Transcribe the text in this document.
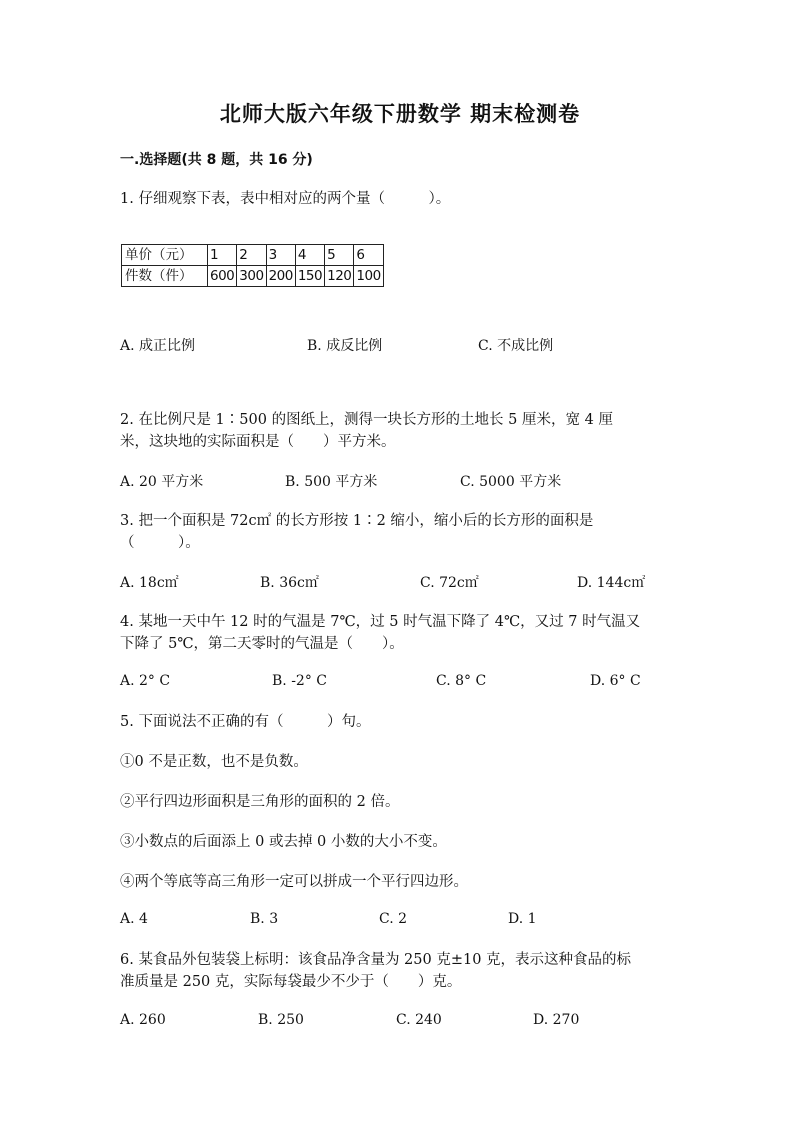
北师大版六年级下册数学 期末检测卷
一.选择题(共 8 题，共 16 分)
1. 仔细观察下表，表中相对应的两个量（　　　）。
单价（元）	1	2	3	4	5	6
件数（件）	600	300	200	150	120	100
A. 成正比例	B. 成反比例	C. 不成比例
2. 在比例尺是 1∶500 的图纸上，测得一块长方形的土地长 5 厘米，宽 4 厘
米，这块地的实际面积是（　　）平方米。
A. 20 平方米	B. 500 平方米	C. 5000 平方米
3. 把一个面积是 72c㎡ 的长方形按 1∶2 缩小，缩小后的长方形的面积是
（　　　）。
A. 18c㎡	B. 36c㎡	C. 72c㎡	D. 144c㎡
4. 某地一天中午 12 时的气温是 7℃，过 5 时气温下降了 4℃，又过 7 时气温又
下降了 5℃，第二天零时的气温是（　　）。
A. 2° C	B. -2° C	C. 8° C	D. 6° C
5. 下面说法不正确的有（　　　）句。
①0 不是正数，也不是负数。
②平行四边形面积是三角形的面积的 2 倍。
③小数点的后面添上 0 或去掉 0 小数的大小不变。
④两个等底等高三角形一定可以拼成一个平行四边形。
A. 4	B. 3	C. 2	D. 1
6. 某食品外包装袋上标明：该食品净含量为 250 克±10 克，表示这种食品的标
准质量是 250 克，实际每袋最少不少于（　　）克。
A. 260	B. 250	C. 240	D. 270
